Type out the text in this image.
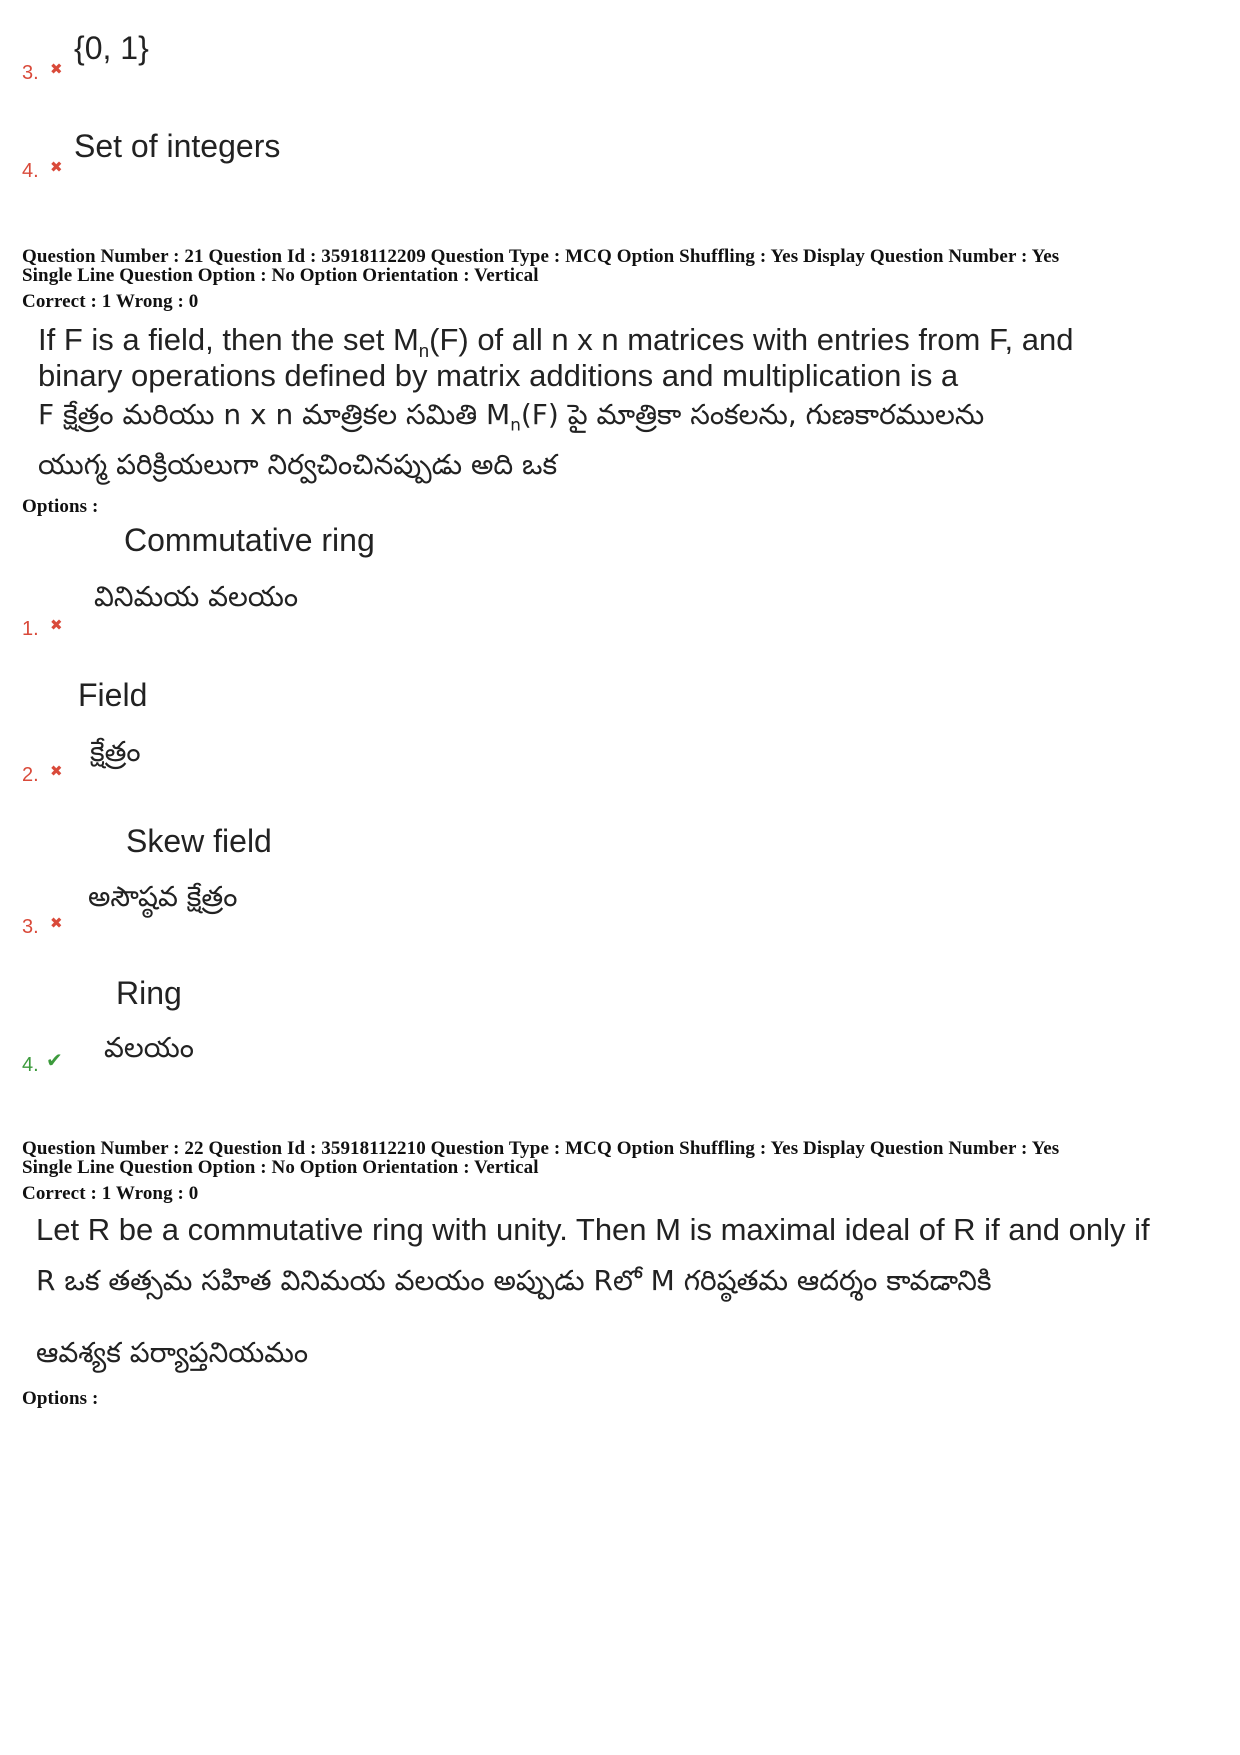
{0, 1}
3. ✖
Set of integers
4. ✖
Question Number : 21 Question Id : 35918112209 Question Type : MCQ Option Shuffling : Yes Display Question Number : Yes
Single Line Question Option : No Option Orientation : Vertical
Correct : 1 Wrong : 0
If F is a field, then the set $M_n(F)$ of all n x n matrices with entries from F, and
binary operations defined by matrix additions and multiplication is a
F క్షేత్రం మరియు n x n మాత్రికల సమితి $M_n(F)$ పై మాత్రికా సంకలను, గుణకారములను
యుగ్మ పరిక్రియలుగా నిర్వచించినప్పుడు అది ఒక
Options :
Commutative ring
వినిమయ వలయం
1. ✖
Field
క్షేత్రం
2. ✖
Skew field
అసౌష్ఠవ క్షేత్రం
3. ✖
Ring
వలయం
4. ✔
Question Number : 22 Question Id : 35918112210 Question Type : MCQ Option Shuffling : Yes Display Question Number : Yes
Single Line Question Option : No Option Orientation : Vertical
Correct : 1 Wrong : 0
Let R be a commutative ring with unity. Then M is maximal ideal of R if and only if
R ఒక తత్సమ సహిత వినిమయ వలయం అప్పుడు Rలో M గరిష్ఠతమ ఆదర్శం కావడానికి
ఆవశ్యక పర్యాప్తనియమం
Options :
